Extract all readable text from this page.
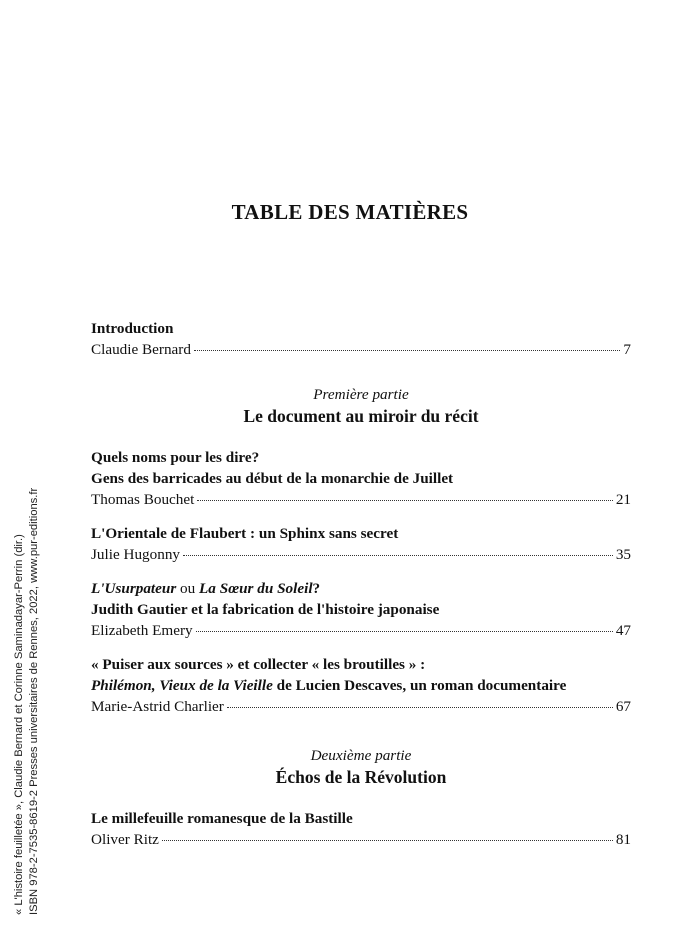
« L'histoire feuilletée », Claudie Bernard et Corinne Saminadayar-Perrin (dir.) ISBN 978-2-7535-8619-2 Presses universitaires de Rennes, 2022, www.pur-editions.fr
TABLE DES MATIÈRES
Introduction
Claudie Bernard	7
Première partie
Le document au miroir du récit
Quels noms pour les dire?
Gens des barricades au début de la monarchie de Juillet
Thomas Bouchet	21
L'Orientale de Flaubert : un Sphinx sans secret
Julie Hugonny	35
L'Usurpateur ou La Sœur du Soleil?
Judith Gautier et la fabrication de l'histoire japonaise
Elizabeth Emery	47
« Puiser aux sources » et collecter « les broutilles » :
Philémon, Vieux de la Vieille de Lucien Descaves, un roman documentaire
Marie-Astrid Charlier	67
Deuxième partie
Échos de la Révolution
Le millefeuille romanesque de la Bastille
Oliver Ritz	81
